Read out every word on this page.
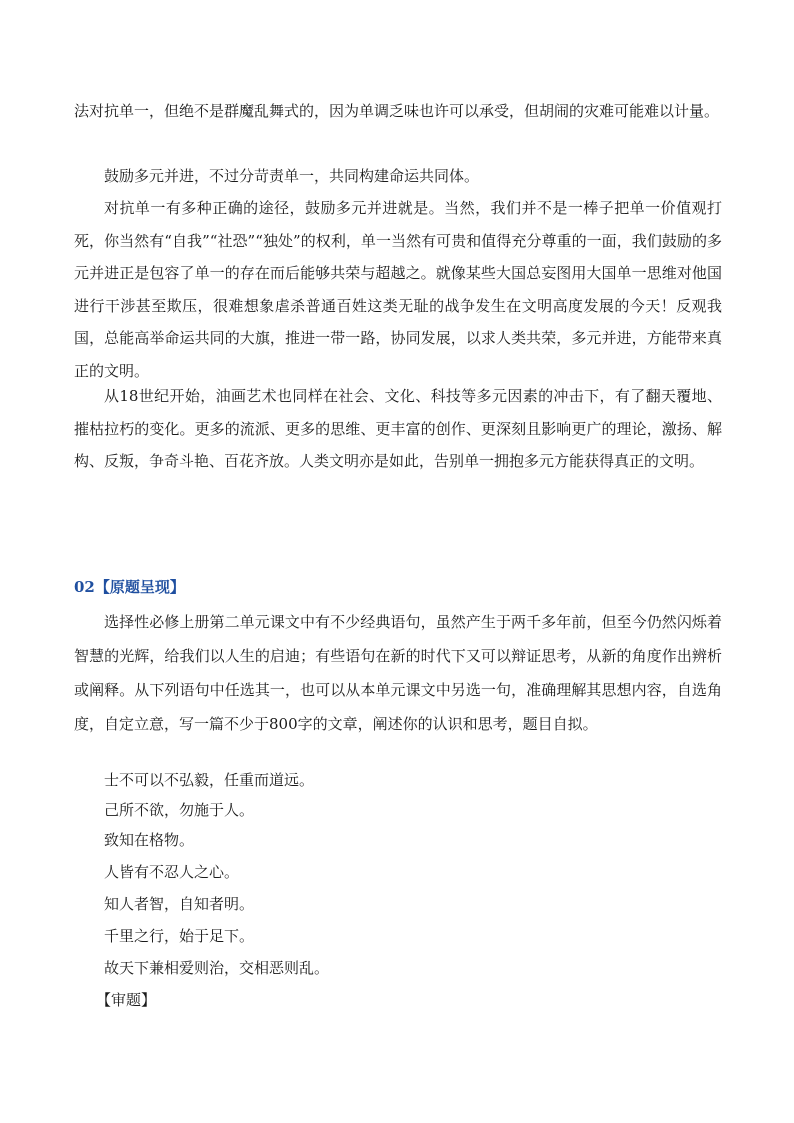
法对抗单一，但绝不是群魔乱舞式的，因为单调乏味也许可以承受，但胡闹的灾难可能难以计量。

鼓励多元并进，不过分苛责单一，共同构建命运共同体。

对抗单一有多种正确的途径，鼓励多元并进就是。当然，我们并不是一棒子把单一价值观打死，你当然有“自我”“社恐”“独处”的权利，单一当然有可贵和值得充分尊重的一面，我们鼓励的多元并进正是包容了单一的存在而后能够共荣与超越之。就像某些大国总妄图用大国单一思维对他国进行干涉甚至欺压，很难想象虐杀普通百姓这类无耻的战争发生在文明高度发展的今天！反观我国，总能高举命运共同的大旗，推进一带一路，协同发展，以求人类共荣，多元并进，方能带来真正的文明。

从18世纪开始，油画艺术也同样在社会、文化、科技等多元因素的冲击下，有了翻天覆地、摧枯拉朽的变化。更多的流派、更多的思维、更丰富的创作、更深刻且影响更广的理论，激扬、解构、反叛，争奇斗艳、百花齐放。人类文明亦是如此，告别单一拥抱多元方能获得真正的文明。

02【原题呈现】

选择性必修上册第二单元课文中有不少经典语句，虽然产生于两千多年前，但至今仍然闪烁着智慧的光辉，给我们以人生的启迪；有些语句在新的时代下又可以辩证思考，从新的角度作出辨析或阐释。从下列语句中任选其一，也可以从本单元课文中另选一句，准确理解其思想内容，自选角度，自定立意，写一篇不少于800字的文章，阐述你的认识和思考，题目自拟。

士不可以不弘毅，任重而道远。

己所不欲，勿施于人。

致知在格物。

人皆有不忍人之心。

知人者智，自知者明。

千里之行，始于足下。

故天下兼相爱则治，交相恶则乱。

【审题】
